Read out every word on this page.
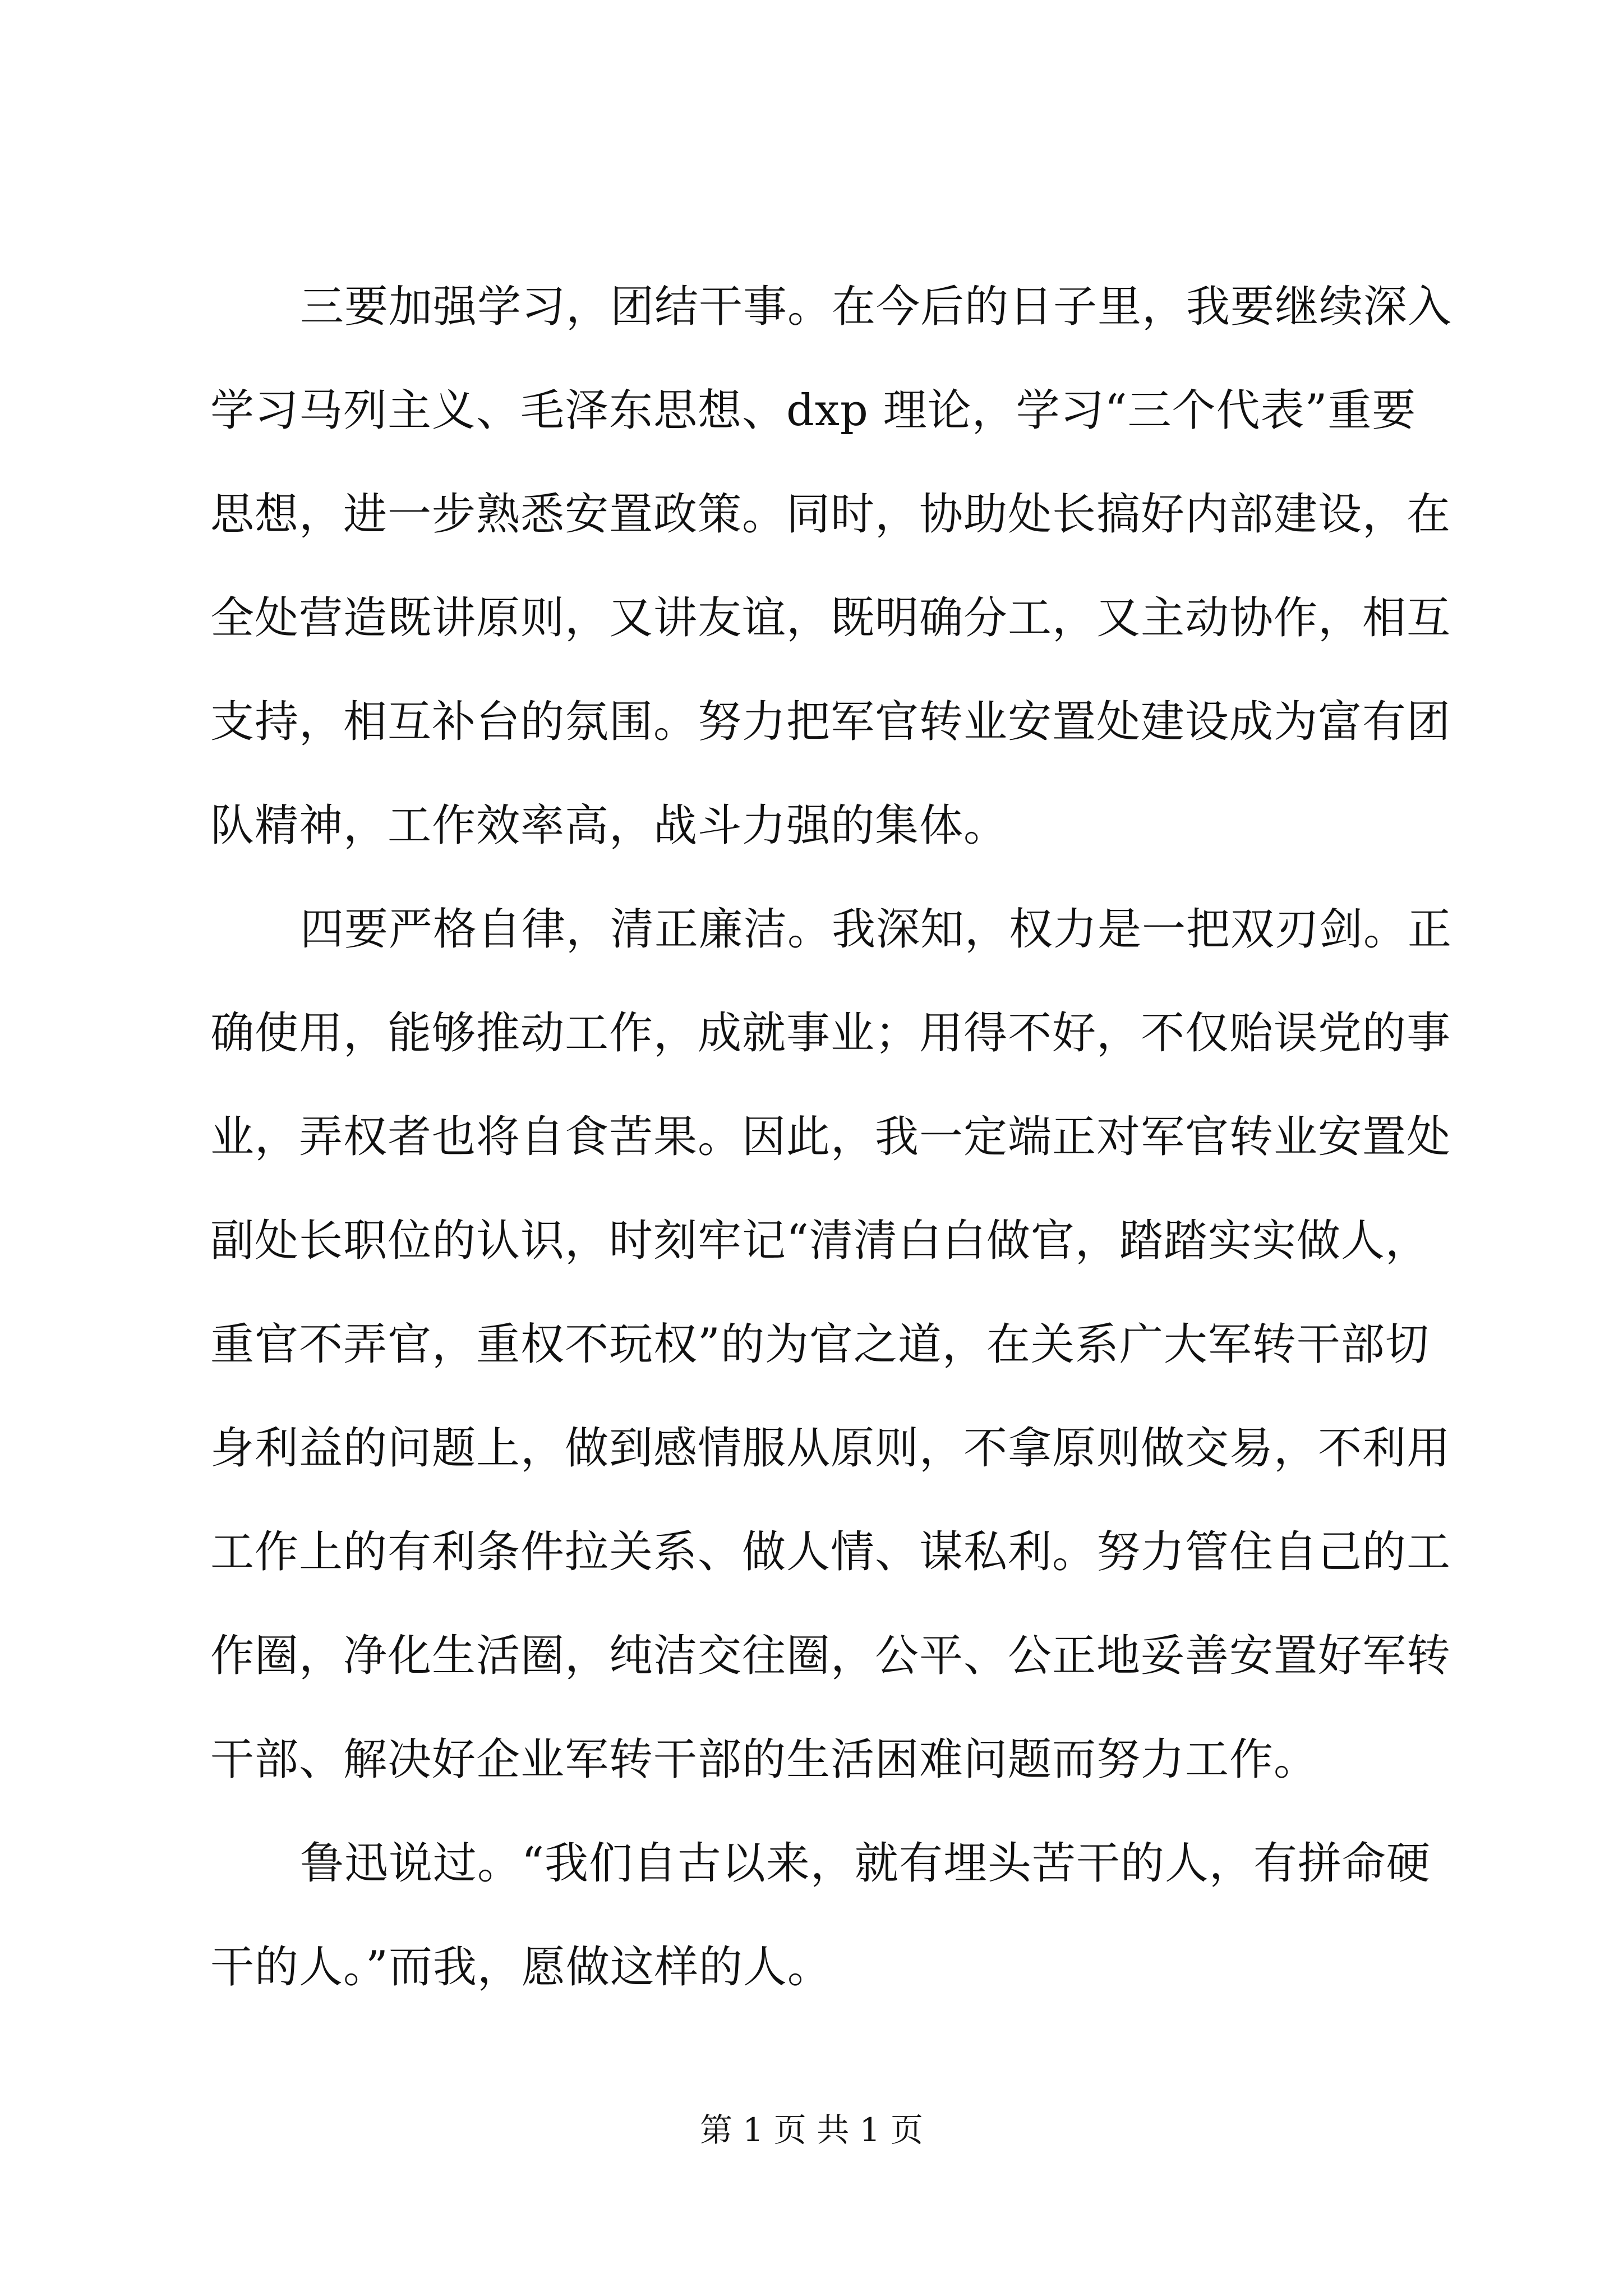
三要加强学习，团结干事。在今后的日子里，我要继续深入
学习马列主义、毛泽东思想、dxp 理论，学习“三个代表”重要
思想，进一步熟悉安置政策。同时，协助处长搞好内部建设，在
全处营造既讲原则，又讲友谊，既明确分工，又主动协作，相互
支持，相互补台的氛围。努力把军官转业安置处建设成为富有团
队精神，工作效率高，战斗力强的集体。
四要严格自律，清正廉洁。我深知，权力是一把双刃剑。正
确使用，能够推动工作，成就事业；用得不好，不仅贻误党的事
业，弄权者也将自食苦果。因此，我一定端正对军官转业安置处
副处长职位的认识，时刻牢记“清清白白做官，踏踏实实做人，
重官不弄官，重权不玩权”的为官之道，在关系广大军转干部切
身利益的问题上，做到感情服从原则，不拿原则做交易，不利用
工作上的有利条件拉关系、做人情、谋私利。努力管住自己的工
作圈，净化生活圈，纯洁交往圈，公平、公正地妥善安置好军转
干部、解决好企业军转干部的生活困难问题而努力工作。
鲁迅说过。“我们自古以来，就有埋头苦干的人，有拼命硬
干的人。”而我，愿做这样的人。
第 1 页 共 1 页
